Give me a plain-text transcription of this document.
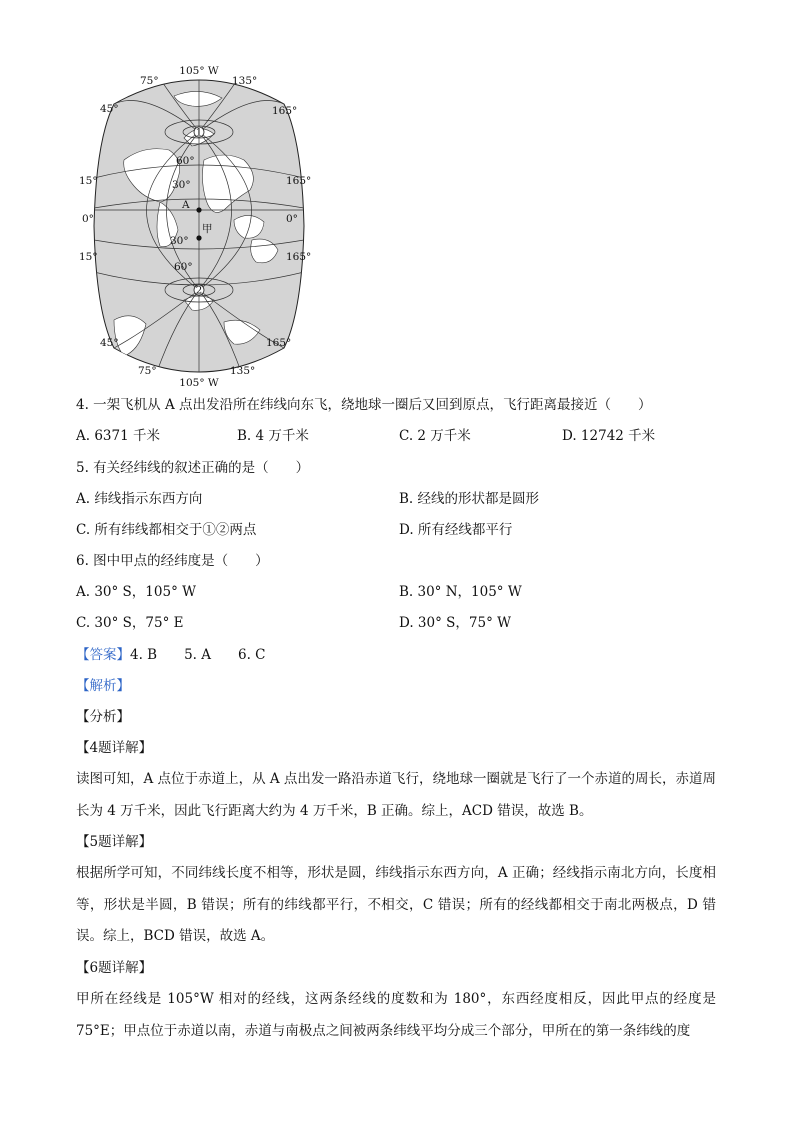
1
2
A
甲
105° W
105° W
75°
45°
15°
0°
15°
45°
75°
135°
165°
165°
0°
165°
165°
135°
60°
30°
30°
60°
4. 一架飞机从 A 点出发沿所在纬线向东飞，绕地球一圈后又回到原点，飞行距离最接近（　　）
A. 6371 千米	B. 4 万千米	C. 2 万千米	D. 12742 千米
5. 有关经纬线的叙述正确的是（　　）
A. 纬线指示东西方向	B. 经线的形状都是圆形
C. 所有纬线都相交于①②两点	D. 所有经线都平行
6. 图中甲点的经纬度是（　　）
A. 30° S，105° W	B. 30° N，105° W
C. 30° S，75° E	D. 30° S，75° W
【答案】4. B　　5. A　　6. C
【解析】
【分析】
【4题详解】
读图可知，A 点位于赤道上，从 A 点出发一路沿赤道飞行，绕地球一圈就是飞行了一个赤道的周长，赤道周长为 4 万千米，因此飞行距离大约为 4 万千米，B 正确。综上，ACD 错误，故选 B。
【5题详解】
根据所学可知，不同纬线长度不相等，形状是圆，纬线指示东西方向，A 正确；经线指示南北方向，长度相等，形状是半圆，B 错误；所有的纬线都平行，不相交，C 错误；所有的经线都相交于南北两极点，D 错误。综上，BCD 错误，故选 A。
【6题详解】
甲所在经线是 105°W 相对的经线，这两条经线的度数和为 180°，东西经度相反，因此甲点的经度是 75°E；甲点位于赤道以南，赤道与南极点之间被两条纬线平均分成三个部分，甲所在的第一条纬线的度
